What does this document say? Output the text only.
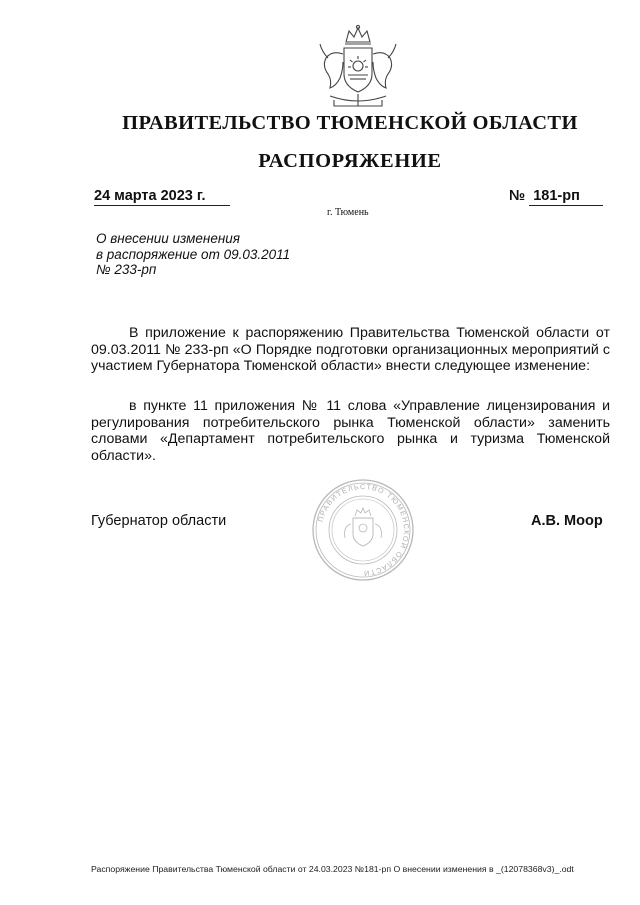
ПРАВИТЕЛЬСТВО ТЮМЕНСКОЙ ОБЛАСТИ
РАСПОРЯЖЕНИЕ
24 марта 2023 г.	№ 181-рп
г. Тюмень
О внесении изменения
в распоряжение от 09.03.2011
№ 233-рп
В приложение к распоряжению Правительства Тюменской области от 09.03.2011 № 233-рп «О Порядке подготовки организационных мероприятий с участием Губернатора Тюменской области» внести следующее изменение:
в пункте 11 приложения № 11 слова «Управление лицензирования и регулирования потребительского рынка Тюменской области» заменить словами «Департамент потребительского рынка и туризма Тюменской области».
ПРАВИТЕЛЬСТВО ТЮМЕНСКОЙ ОБЛАСТИ
Губернатор области	А.В. Моор
Распоряжение Правительства Тюменской области от 24.03.2023 №181-рп О внесении изменения в _(12078368v3)_.odt
